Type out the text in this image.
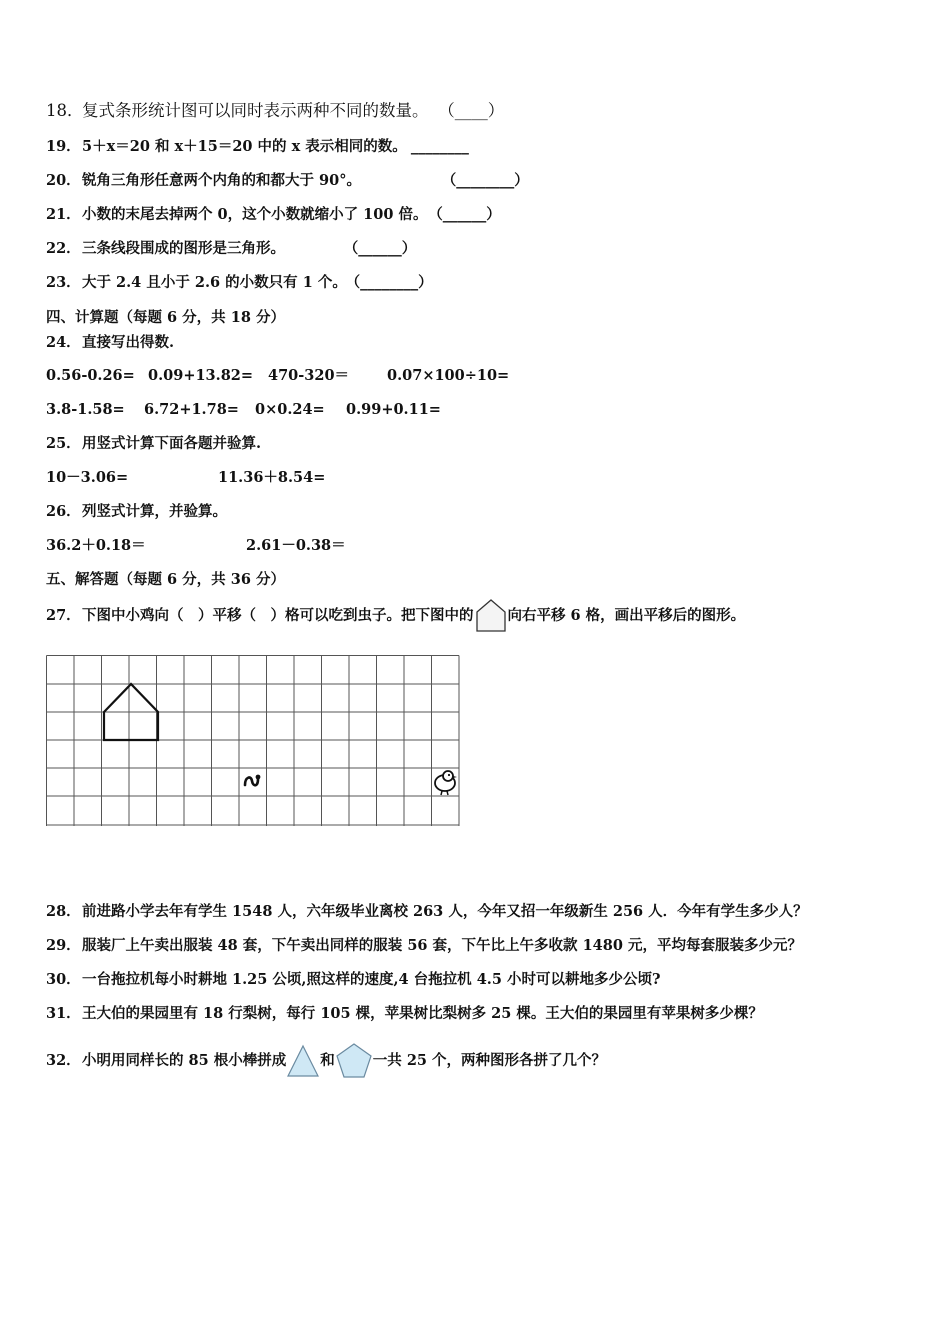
18．复式条形统计图可以同时表示两种不同的数量。 （____）
19．5＋x＝20 和 x＋15＝20 中的 x 表示相同的数。 ________
20．锐角三角形任意两个内角的和都大于 90°。	（________）
21．小数的末尾去掉两个 0，这个小数就缩小了 100 倍。 （______）
22．三条线段围成的图形是三角形。	（______）
23．大于 2.4 且小于 2.6 的小数只有 1 个。 （________）
四、计算题（每题 6 分，共 18 分）
24．直接写出得数.
0.56-0.26= 0.09+13.82= 470-320＝	0.07×100÷10=
3.8-1.58= 6.72+1.78= 0×0.24= 0.99+0.11=
25．用竖式计算下面各题并验算.
10－3.06=	11.36＋8.54=
26．列竖式计算，并验算。
36.2＋0.18＝	2.61－0.38＝
五、解答题（每题 6 分，共 36 分）
27．下图中小鸡向（　）平移（　）格可以吃到虫子。把下图中的 向右平移 6 格，画出平移后的图形。
28．前进路小学去年有学生 1548 人，六年级毕业离校 263 人，今年又招一年级新生 256 人．今年有学生多少人？
29．服装厂上午卖出服装 48 套，下午卖出同样的服装 56 套，下午比上午多收款 1480 元，平均每套服装多少元？
30．一台拖拉机每小时耕地 1.25 公顷,照这样的速度,4 台拖拉机 4.5 小时可以耕地多少公顷?
31．王大伯的果园里有 18 行梨树，每行 105 棵，苹果树比梨树多 25 棵。王大伯的果园里有苹果树多少棵？
32．小明用同样长的 85 根小棒拼成 和	一共 25 个，两种图形各拼了几个？
